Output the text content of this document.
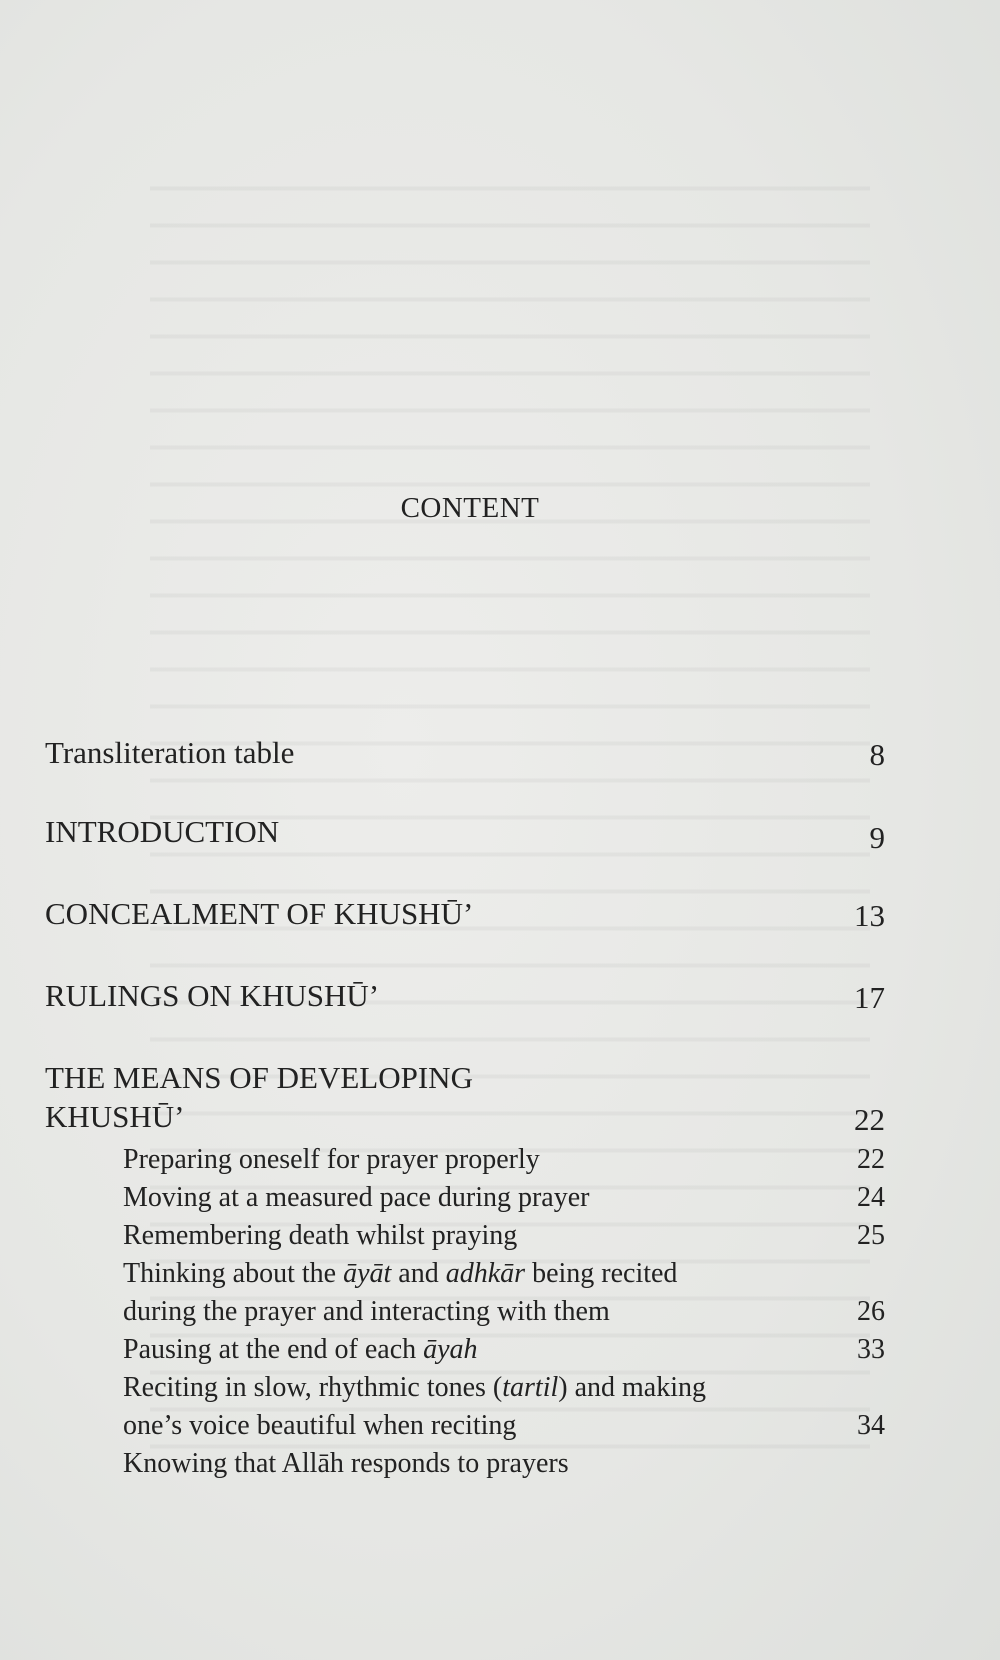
CONTENT
Transliteration table	8
INTRODUCTION	9
CONCEALMENT OF KHUSHŪ’	13
RULINGS ON KHUSHŪ’	17
THE MEANS OF DEVELOPING
KHUSHŪ’	22
Preparing oneself for prayer properly	22
Moving at a measured pace during prayer	24
Remembering death whilst praying	25
Thinking about the āyāt and adhkār being recited
during the prayer and interacting with them	26
Pausing at the end of each āyah	33
Reciting in slow, rhythmic tones (tartil) and making
one’s voice beautiful when reciting	34
Knowing that Allāh responds to prayers
